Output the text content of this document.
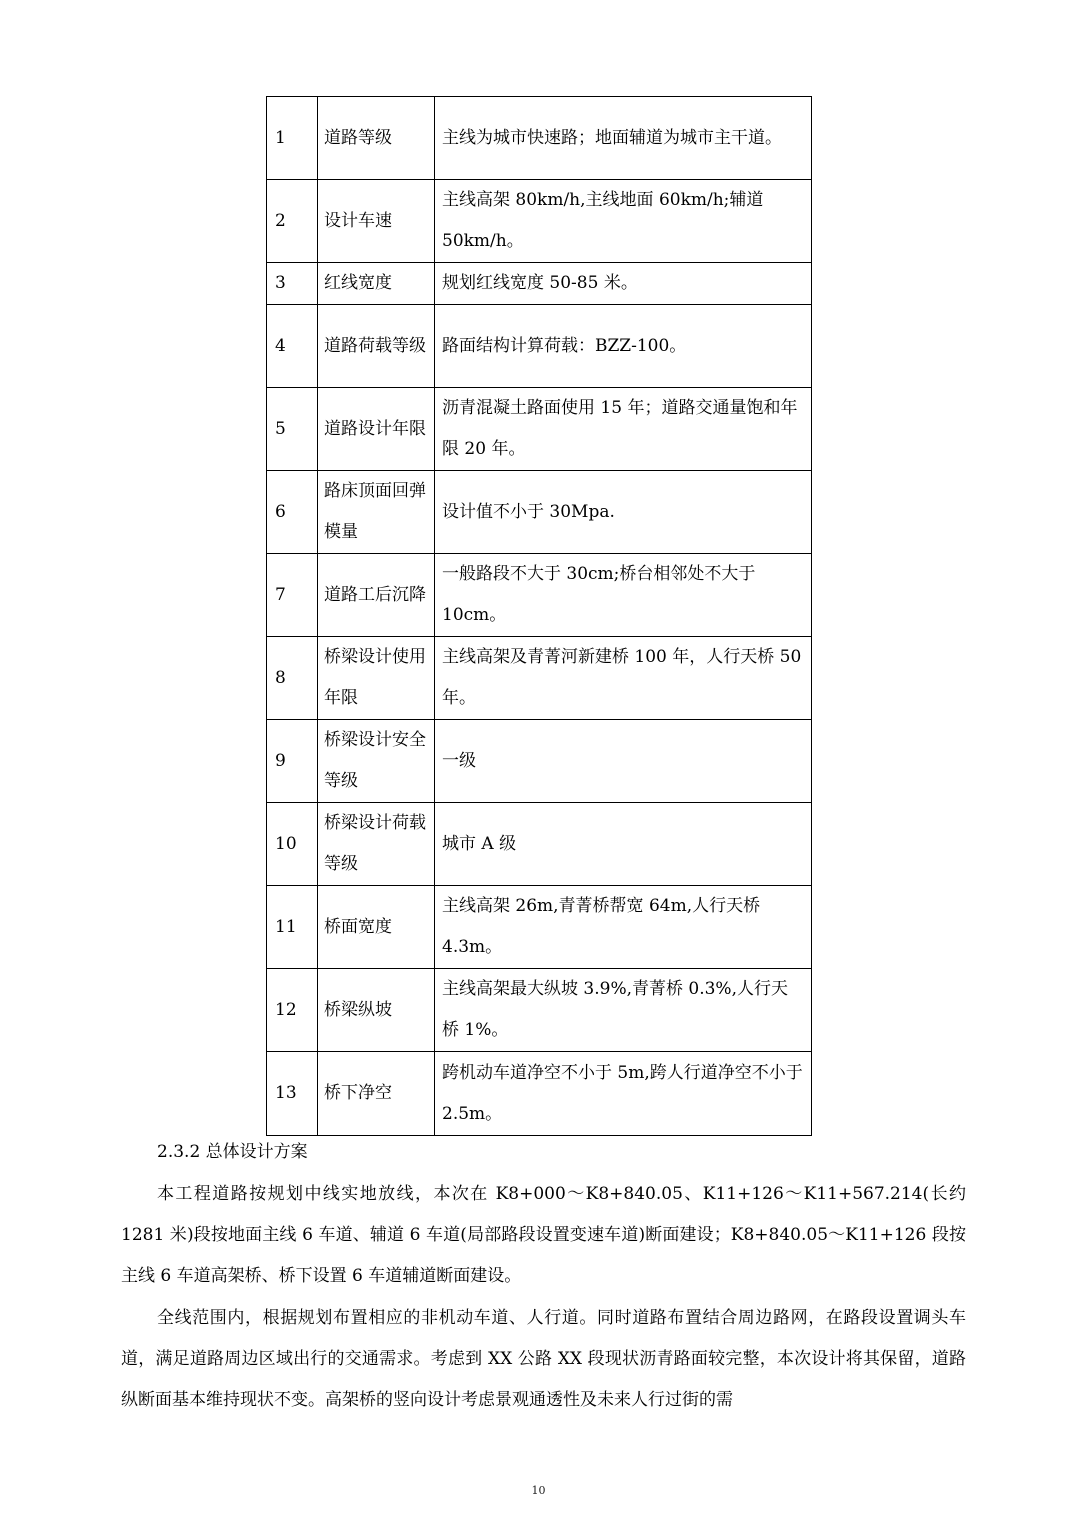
1	道路等级	主线为城市快速路；地面辅道为城市主干道。
2	设计车速	主线高架 80km/h,主线地面 60km/h;辅道 50km/h。
3	红线宽度	规划红线宽度 50-85 米。
4	道路荷载等级	路面结构计算荷载：BZZ-100。
5	道路设计年限	沥青混凝土路面使用 15 年；道路交通量饱和年限 20 年。
6	路床顶面回弹模量	设计值不小于 30Mpa.
7	道路工后沉降	一般路段不大于 30cm;桥台相邻处不大于 10cm。
8	桥梁设计使用年限	主线高架及青菁河新建桥 100 年，人行天桥 50 年。
9	桥梁设计安全等级	一级
10	桥梁设计荷载等级	城市 A 级
11	桥面宽度	主线高架 26m,青菁桥帮宽 64m,人行天桥 4.3m。
12	桥梁纵坡	主线高架最大纵坡 3.9%,青菁桥 0.3%,人行天桥 1%。
13	桥下净空	跨机动车道净空不小于 5m,跨人行道净空不小于 2.5m。

2.3.2 总体设计方案

本工程道路按规划中线实地放线，本次在 K8+000～K8+840.05、K11+126～K11+567.214(长约 1281 米)段按地面主线 6 车道、辅道 6 车道(局部路段设置变速车道)断面建设；K8+840.05～K11+126 段按主线 6 车道高架桥、桥下设置 6 车道辅道断面建设。

全线范围内，根据规划布置相应的非机动车道、人行道。同时道路布置结合周边路网，在路段设置调头车道，满足道路周边区域出行的交通需求。考虑到 XX 公路 XX 段现状沥青路面较完整，本次设计将其保留，道路纵断面基本维持现状不变。高架桥的竖向设计考虑景观通透性及未来人行过街的需

10
